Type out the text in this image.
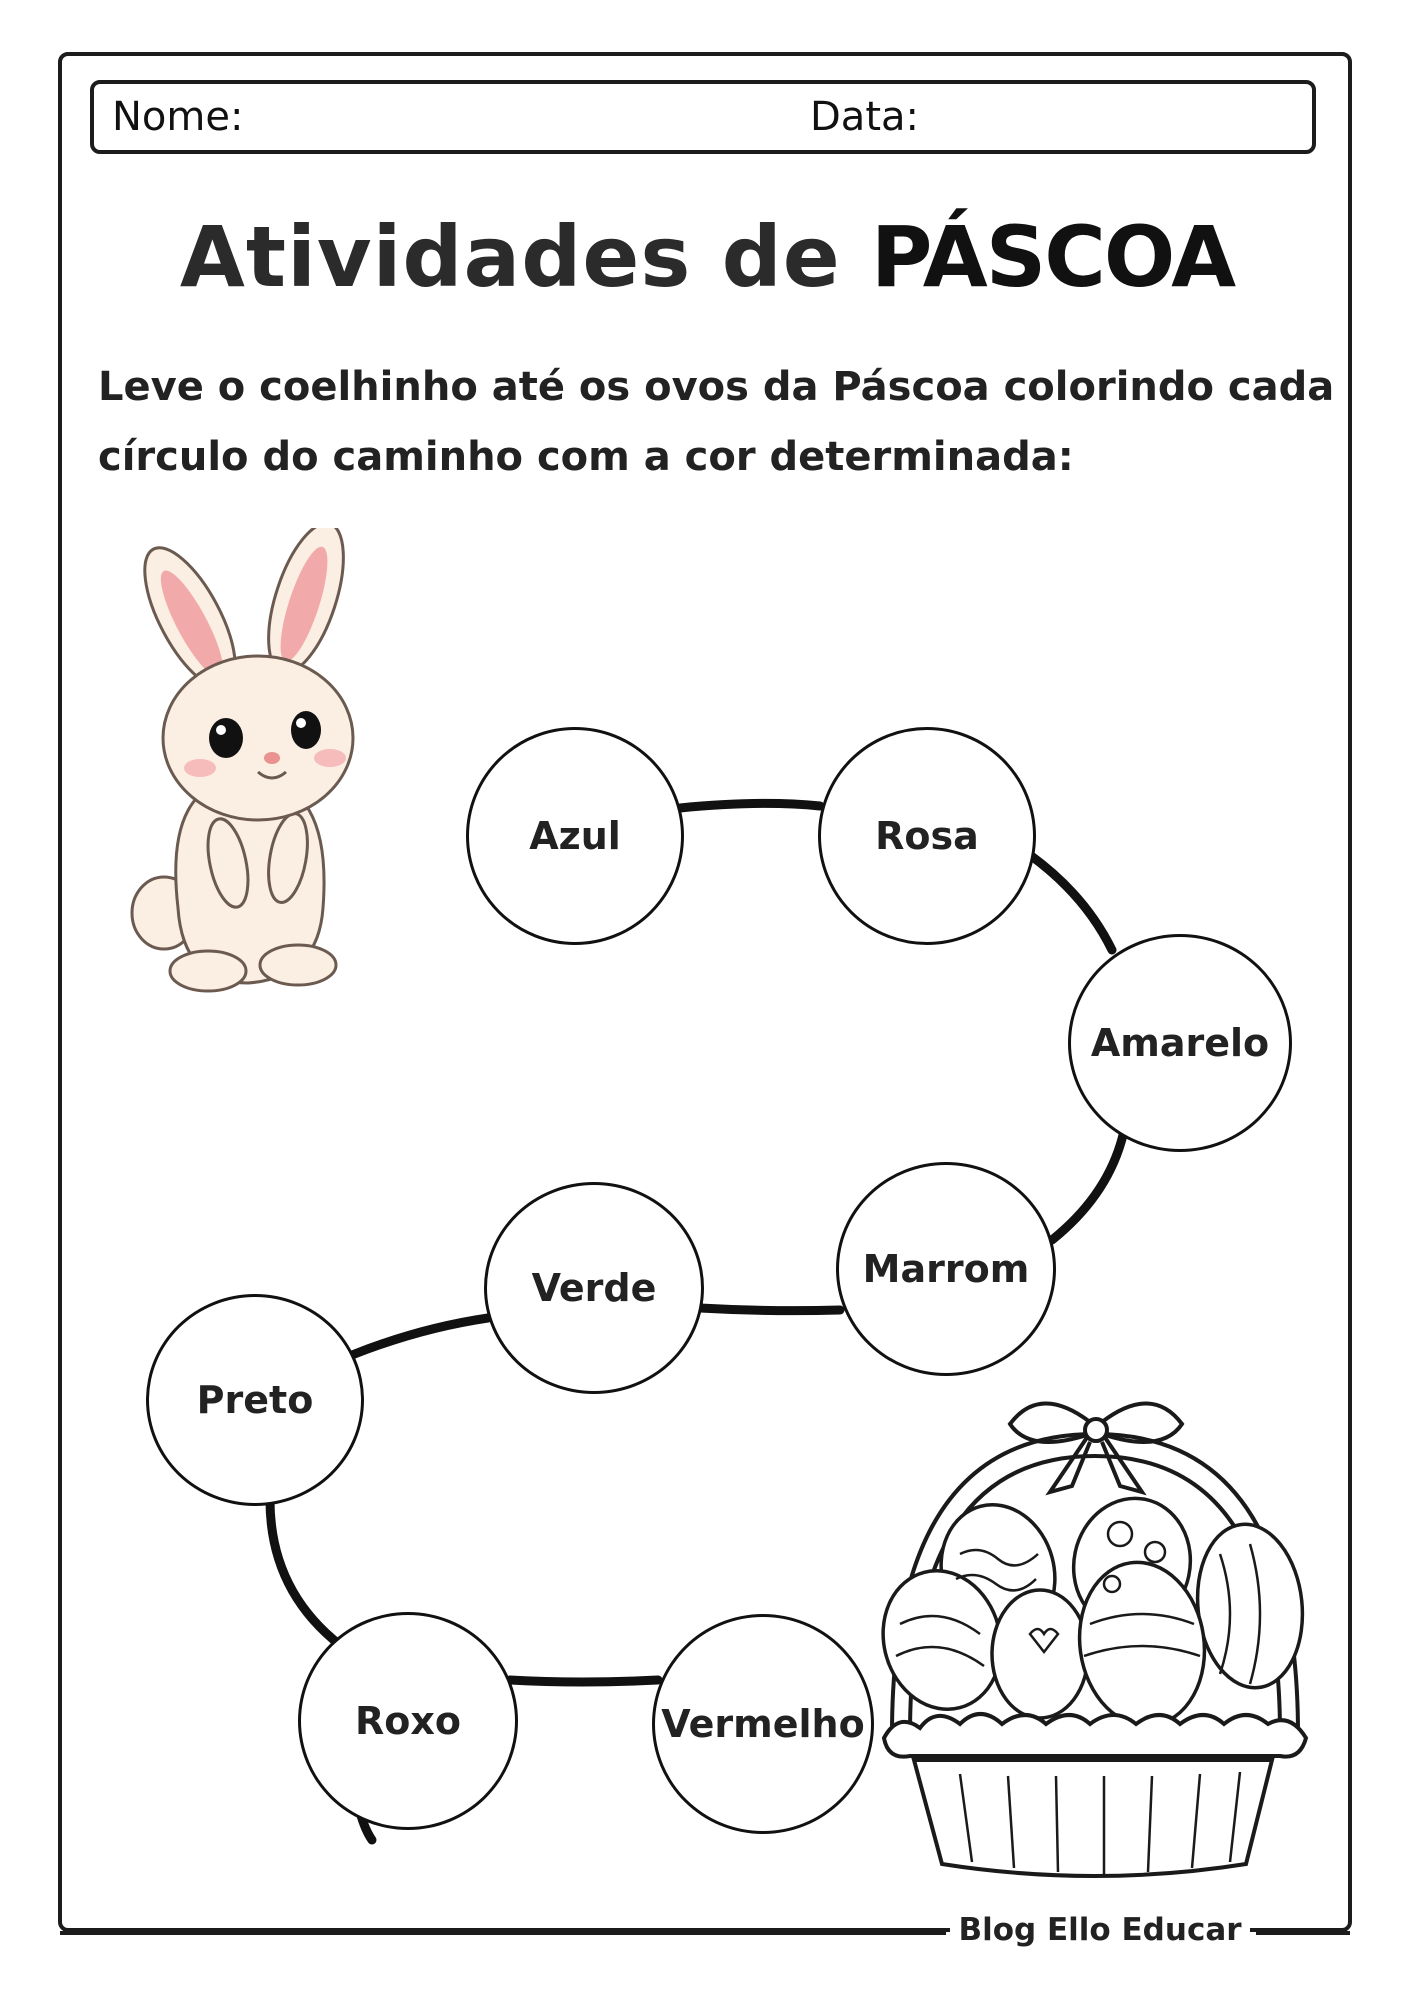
Nome:	Data:
Atividades de PÁSCOA
Leve o coelhinho até os ovos da Páscoa colorindo cada círculo do caminho com a cor determinada:
Azul	Rosa
Amarelo
Marrom
Verde
Preto
Roxo	Vermelho
Blog Ello Educar
